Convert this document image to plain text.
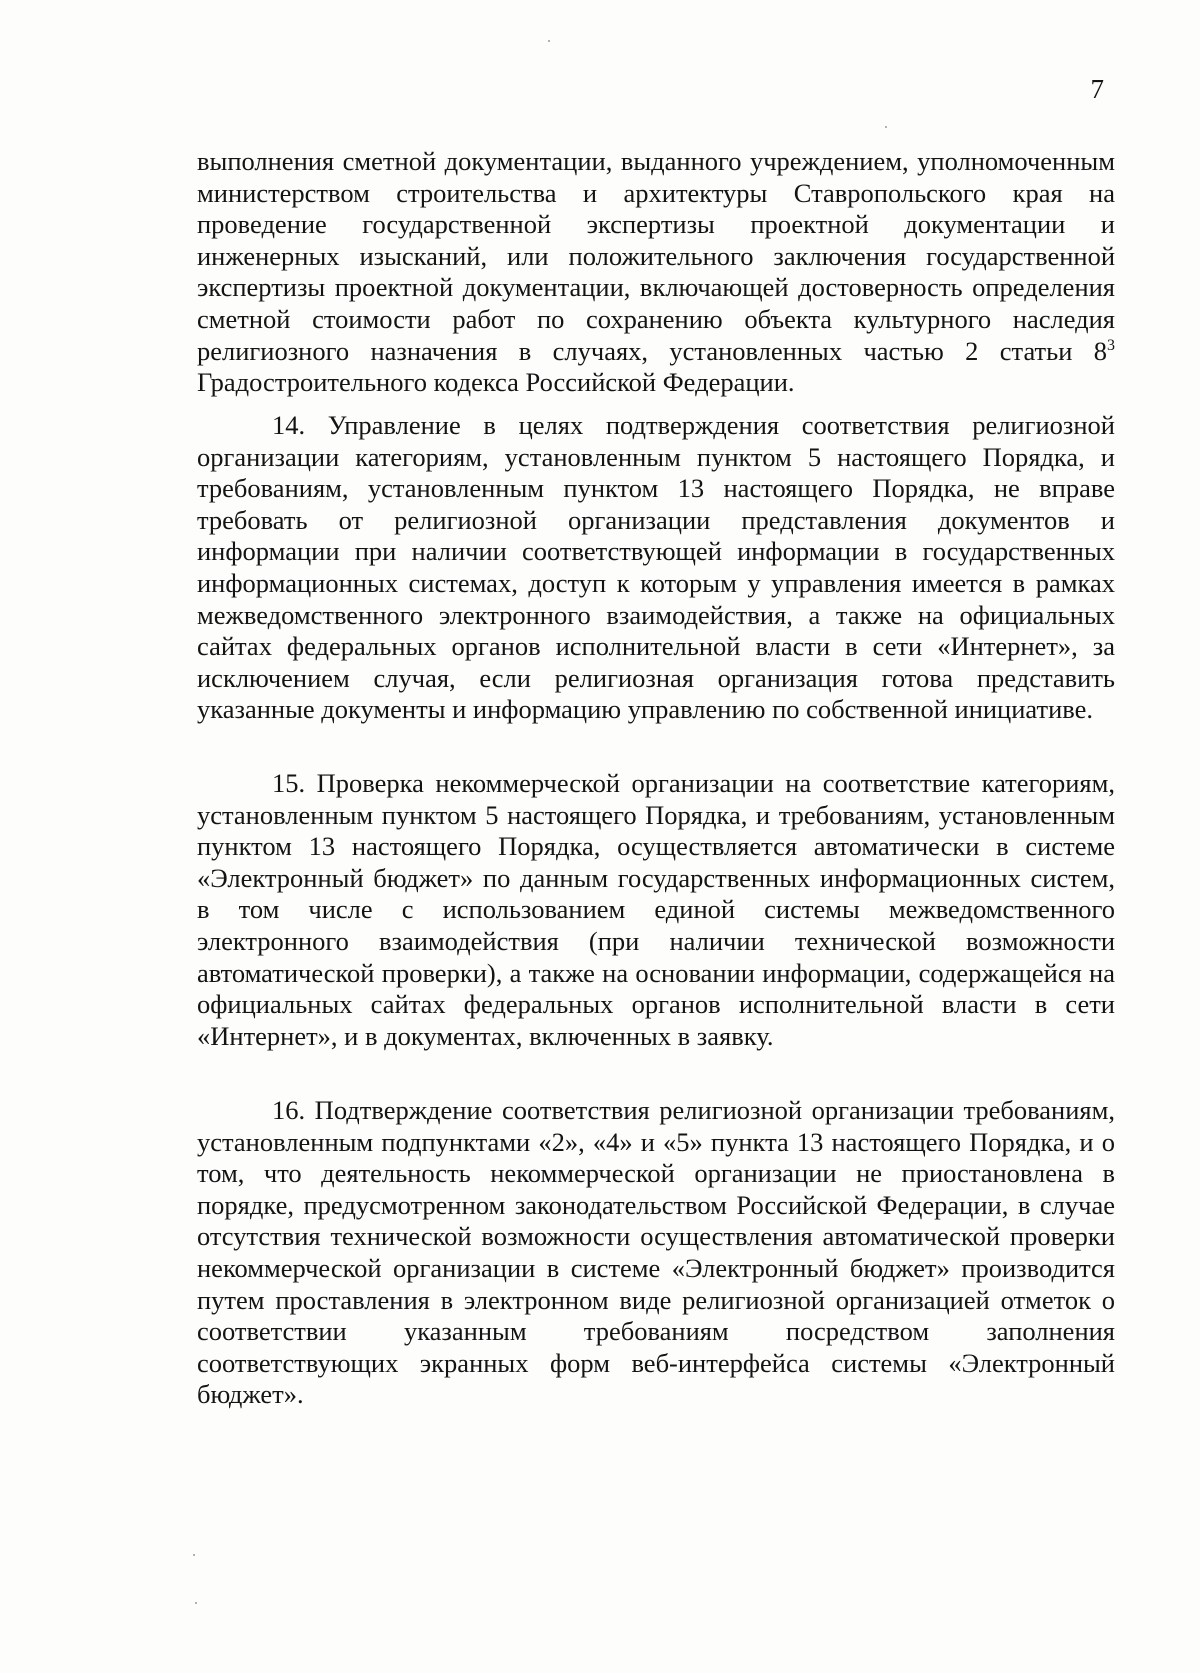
7

выполнения сметной документации, выданного учреждением, уполномоченным министерством строительства и архитектуры Ставропольского края на проведение государственной экспертизы проектной документации и инженерных изысканий, или положительного заключения государственной экспертизы проектной документации, включающей достоверность определения сметной стоимости работ по сохранению объекта культурного наследия религиозного назначения в случаях, установленных частью 2 статьи $8^3$ Градостроительного кодекса Российской Федерации.

14. Управление в целях подтверждения соответствия религиозной организации категориям, установленным пунктом 5 настоящего Порядка, и требованиям, установленным пунктом 13 настоящего Порядка, не вправе требовать от религиозной организации представления документов и информации при наличии соответствующей информации в государственных информационных системах, доступ к которым у управления имеется в рамках межведомственного электронного взаимодействия, а также на официальных сайтах федеральных органов исполнительной власти в сети «Интернет», за исключением случая, если религиозная организация готова представить указанные документы и информацию управлению по собственной инициативе.

15. Проверка некоммерческой организации на соответствие категориям, установленным пунктом 5 настоящего Порядка, и требованиям, установленным пунктом 13 настоящего Порядка, осуществляется автоматически в системе «Электронный бюджет» по данным государственных информационных систем, в том числе с использованием единой системы межведомственного электронного взаимодействия (при наличии технической возможности автоматической проверки), а также на основании информации, содержащейся на официальных сайтах федеральных органов исполнительной власти в сети «Интернет», и в документах, включенных в заявку.

16. Подтверждение соответствия религиозной организации требованиям, установленным подпунктами «2», «4» и «5» пункта 13 настоящего Порядка, и о том, что деятельность некоммерческой организации не приостановлена в порядке, предусмотренном законодательством Российской Федерации, в случае отсутствия технической возможности осуществления автоматической проверки некоммерческой организации в системе «Электронный бюджет» производится путем проставления в электронном виде религиозной организацией отметок о соответствии указанным требованиям посредством заполнения соответствующих экранных форм веб-интерфейса системы «Электронный бюджет».
